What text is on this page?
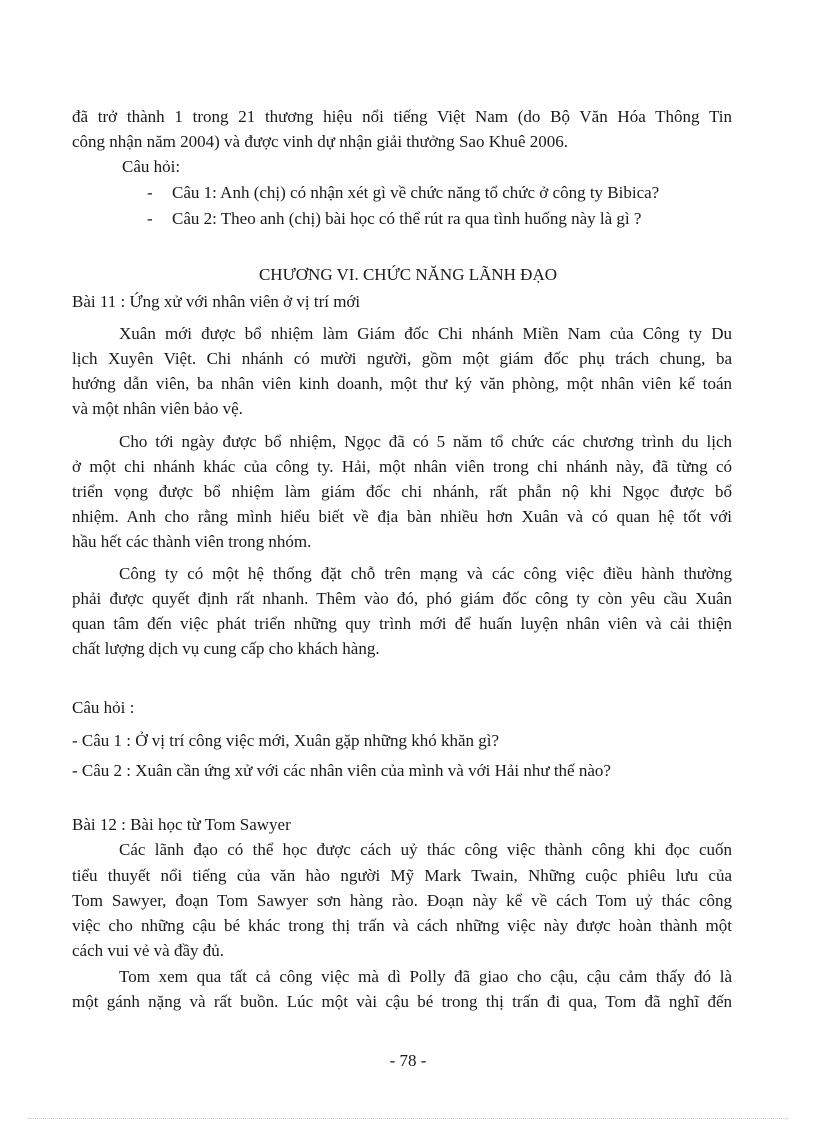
đã trở thành 1 trong 21 thương hiệu nổi tiếng Việt Nam (do Bộ Văn Hóa Thông Tin
công nhận năm 2004) và được vinh dự nhận giải thưởng Sao Khuê 2006.
Câu hỏi:
- Câu 1: Anh (chị) có nhận xét gì về chức năng tổ chức ở công ty Bibica?
- Câu 2: Theo anh (chị) bài học có thể rút ra qua tình huống này là gì ?
CHƯƠNG VI. CHỨC NĂNG LÃNH ĐẠO
Bài 11 : Ứng xử với nhân viên ở vị trí mới
Xuân mới được bổ nhiệm làm Giám đốc Chi nhánh Miền Nam của Công ty Du
lịch Xuyên Việt. Chi nhánh có mười người, gồm một giám đốc phụ trách chung, ba
hướng dẫn viên, ba nhân viên kinh doanh, một thư ký văn phòng, một nhân viên kế toán
và một nhân viên bảo vệ.
Cho tới ngày được bổ nhiệm, Ngọc đã có 5 năm tổ chức các chương trình du lịch
ở một chi nhánh khác của công ty. Hải, một nhân viên trong chi nhánh này, đã từng có
triển vọng được bổ nhiệm làm giám đốc chi nhánh, rất phẫn nộ khi Ngọc được bổ
nhiệm. Anh cho rằng mình hiểu biết về địa bàn nhiều hơn Xuân và có quan hệ tốt với
hầu hết các thành viên trong nhóm.
Công ty có một hệ thống đặt chỗ trên mạng và các công việc điều hành thường
phải được quyết định rất nhanh. Thêm vào đó, phó giám đốc công ty còn yêu cầu Xuân
quan tâm đến việc phát triển những quy trình mới để huấn luyện nhân viên và cải thiện
chất lượng dịch vụ cung cấp cho khách hàng.
Câu hỏi :
- Câu 1 : Ở vị trí công việc mới, Xuân gặp những khó khăn gì?
- Câu 2 : Xuân cần ứng xử với các nhân viên của mình và với Hải như thế nào?
Bài 12 : Bài học từ Tom Sawyer
Các lãnh đạo có thể học được cách uỷ thác công việc thành công khi đọc cuốn
tiểu thuyết nổi tiếng của văn hào người Mỹ Mark Twain, Những cuộc phiêu lưu của
Tom Sawyer, đoạn Tom Sawyer sơn hàng rào. Đoạn này kể về cách Tom uỷ thác công
việc cho những cậu bé khác trong thị trấn và cách những việc này được hoàn thành một
cách vui vẻ và đầy đủ.
Tom xem qua tất cả công việc mà dì Polly đã giao cho cậu, cậu cảm thấy đó là
một gánh nặng và rất buồn. Lúc một vài cậu bé trong thị trấn đi qua, Tom đã nghĩ đến
- 78 -
